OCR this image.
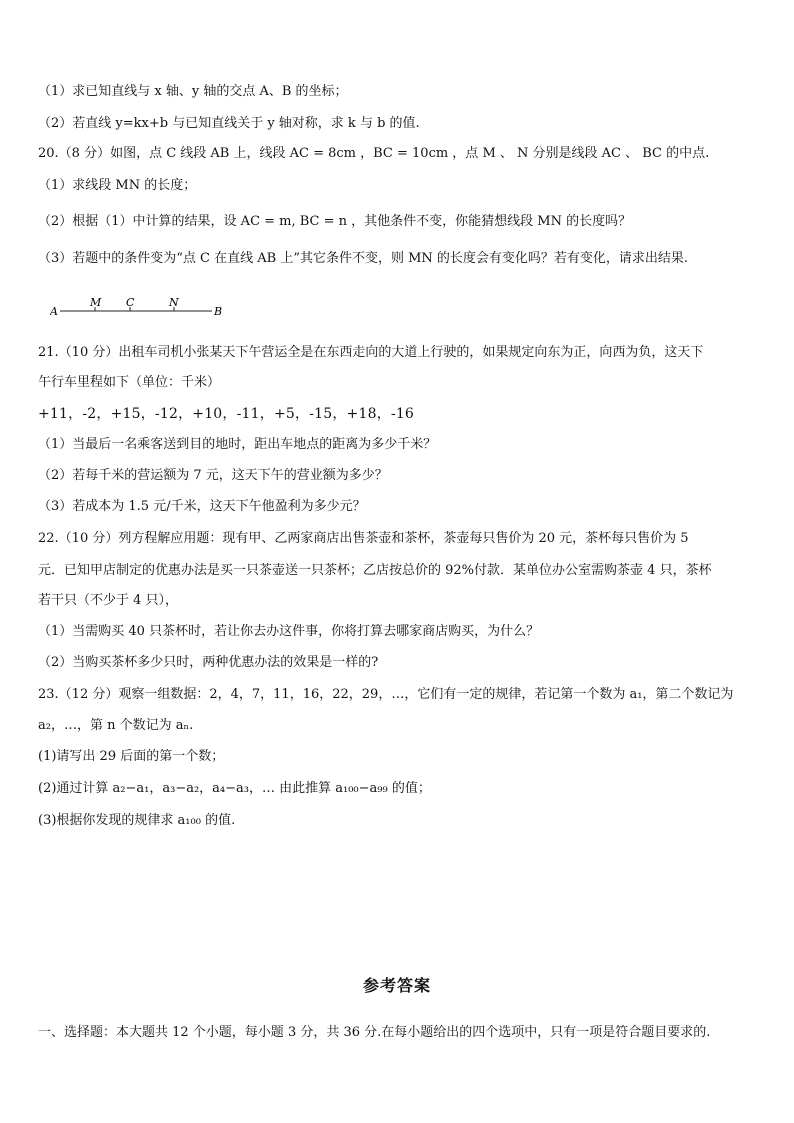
（1）求已知直线与 x 轴、y 轴的交点 A、B 的坐标；
（2）若直线 y=kx+b 与已知直线关于 y 轴对称，求 k 与 b 的值.
20.（8 分）如图，点 C 线段 AB 上，线段 AC = 8cm ，BC = 10cm ，点 M 、 N 分别是线段 AC 、 BC 的中点.
（1）求线段 MN 的长度；
（2）根据（1）中计算的结果，设 AC = m, BC = n ，其他条件不变，你能猜想线段 MN 的长度吗？
（3）若题中的条件变为“点 C 在直线 AB 上”其它条件不变，则 MN 的长度会有变化吗？若有变化，请求出结果.
A
M C	N
B
21.（10 分）出租车司机小张某天下午营运全是在东西走向的大道上行驶的，如果规定向东为正，向西为负，这天下
午行车里程如下（单位：千米）
+11，-2，+15，-12，+10，-11，+5，-15，+18，-16
（1）当最后一名乘客送到目的地时，距出车地点的距离为多少千米？
（2）若每千米的营运额为 7 元，这天下午的营业额为多少？
（3）若成本为 1.5 元/千米，这天下午他盈利为多少元？
22.（10 分）列方程解应用题：现有甲、乙两家商店出售茶壶和茶杯，茶壶每只售价为 20 元，茶杯每只售价为 5
元．已知甲店制定的优惠办法是买一只茶壶送一只茶杯；乙店按总价的 92%付款．某单位办公室需购茶壶 4 只，茶杯
若干只（不少于 4 只），
（1）当需购买 40 只茶杯时，若让你去办这件事，你将打算去哪家商店购买，为什么？
（2）当购买茶杯多少只时，两种优惠办法的效果是一样的?
23.（12 分）观察一组数据：2，4，7，11，16，22，29，…，它们有一定的规律，若记第一个数为 a₁，第二个数记为
a₂，…，第 n 个数记为 aₙ.
(1)请写出 29 后面的第一个数；
(2)通过计算 a₂−a₁，a₃−a₂，a₄−a₃，… 由此推算 a₁₀₀−a₉₉ 的值；
(3)根据你发现的规律求 a₁₀₀ 的值.
参考答案
一、选择题：本大题共 12 个小题，每小题 3 分，共 36 分.在每小题给出的四个选项中，只有一项是符合题目要求的.
